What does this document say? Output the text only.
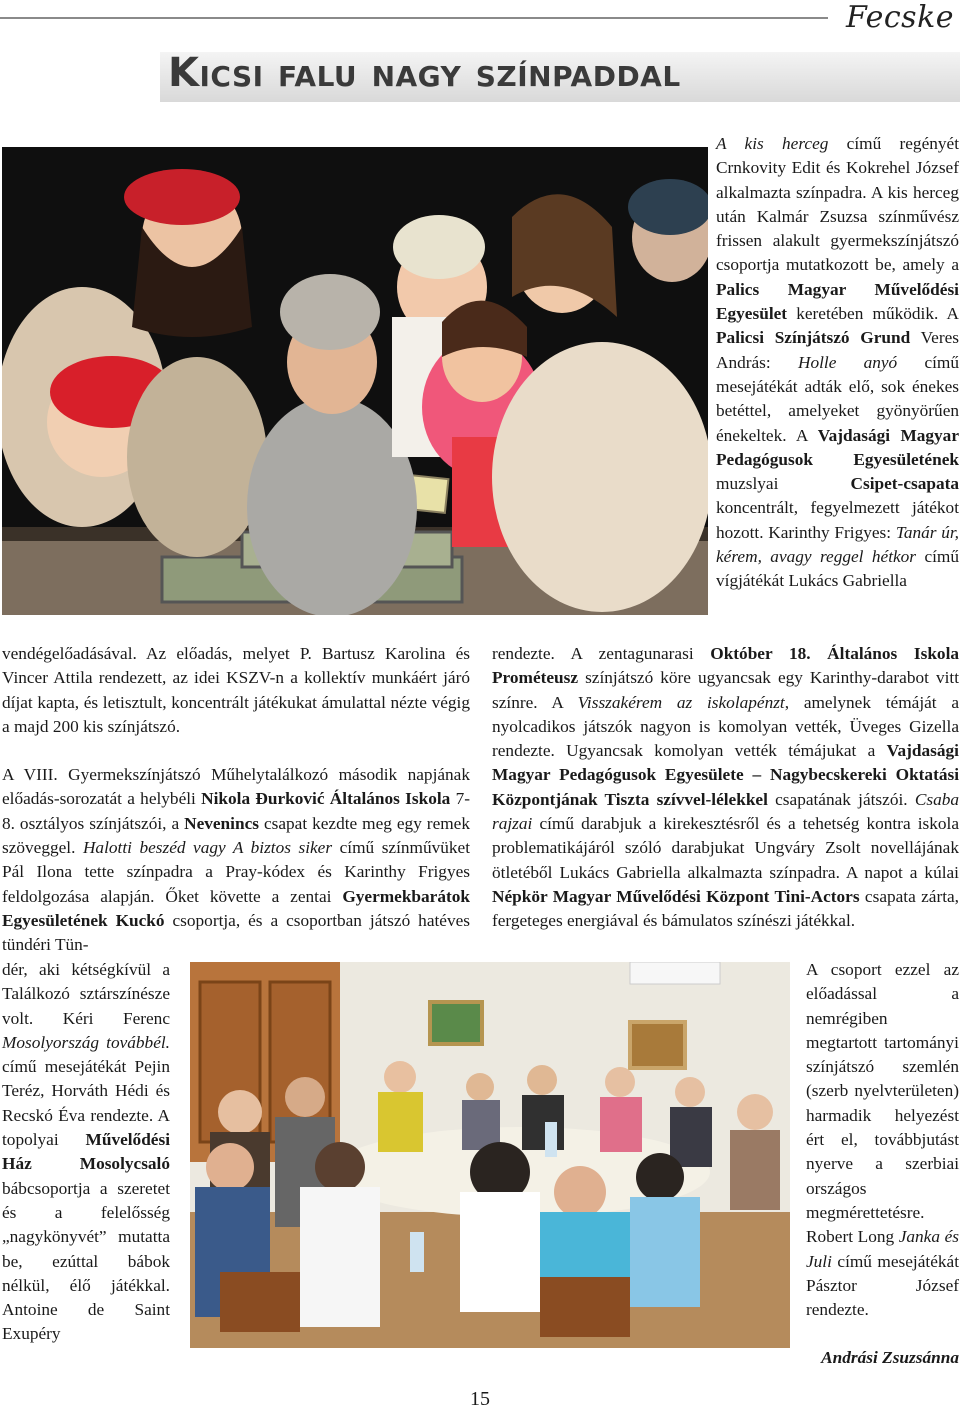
Fecske
Kicsi falu nagy színpaddal

A kis herceg című regényét Crnkovity Edit és Kokrehel József alkalmazta színpadra. A kis herceg után Kalmár Zsuzsa színművész frissen alakult gyermekszínjátszó csoportja mutatkozott be, amely a Palics Magyar Művelődési Egyesület keretében működik. A Palicsi Színjátszó Grund Veres András: Holle anyó című mesejátékát adták elő, sok énekes betéttel, amelyeket gyönyörűen énekeltek. A Vajdasági Magyar Pedagógusok Egyesületének muzslyai Csipet-csapata koncentrált, fegyelmezett játékot hozott. Karinthy Frigyes: Tanár úr, kérem, avagy reggel hétkor című vígjátékát Lukács Gabriella

vendégelőadásával. Az előadás, melyet P. Bartusz Karolina és Vincer Attila rendezett, az idei KSZV-n a kollektív munkáért járó díjat kapta, és letisztult, koncentrált játékukat ámulattal nézte végig a majd 200 kis színjátszó.

A VIII. Gyermekszínjátszó Műhelytalálkozó második napjának előadás-sorozatát a helybéli Nikola Đurković Általános Iskola 7-8. osztályos színjátszói, a Nevenincs csapat kezdte meg egy remek szöveggel. Halotti beszéd vagy A biztos siker című színművüket Pál Ilona tette színpadra a Pray-kódex és Karinthy Frigyes feldolgozása alapján. Őket követte a zentai Gyermekbarátok Egyesületének Kuckó csoportja, és a csoportban játszó hatéves tündéri Tün-

dér, aki kétségkívül a Találkozó sztárszínésze volt. Kéri Ferenc Mosolyország továbbél. című mesejátékát Pejin Teréz, Horváth Hédi és Recskó Éva rendezte. A topolyai Művelődési Ház Mosolycsaló bábcsoportja a szeretet és a felelősség „nagykönyvét” mutatta be, ezúttal bábok nélkül, élő játékkal. Antoine de Saint Exupéry

rendezte. A zentagunarasi Október 18. Általános Iskola Prométeusz színjátszó köre ugyancsak egy Karinthy-darabot vitt színre. A Visszakérem az iskolapénzt, amelynek témáját a nyolcadikos játszók nagyon is komolyan vették, Üveges Gizella rendezte. Ugyancsak komolyan vették témájukat a Vajdasági Magyar Pedagógusok Egyesülete – Nagybecskereki Oktatási Központjának Tiszta szívvel-lélekkel csapatának játszói. Csaba rajzai című darabjuk a kirekesztésről és a tehetség kontra iskola problematikájáról szóló darabjukat Ungváry Zsolt novellájának ötletéből Lukács Gabriella alkalmazta színpadra. A napot a kúlai Népkör Magyar Művelődési Központ Tini-Actors csapata zárta, fergeteges energiával és bámulatos színészi játékkal.

A csoport ezzel az előadással a nemrégiben megtartott tartományi színjátszó szemlén (szerb nyelvterületen) harmadik helyezést ért el, továbbjutást nyerve a szerbiai országos megmérettetésre. Robert Long Janka és Juli című mesejátékát Pásztor József rendezte.

Andrási Zsuzsánna

15
